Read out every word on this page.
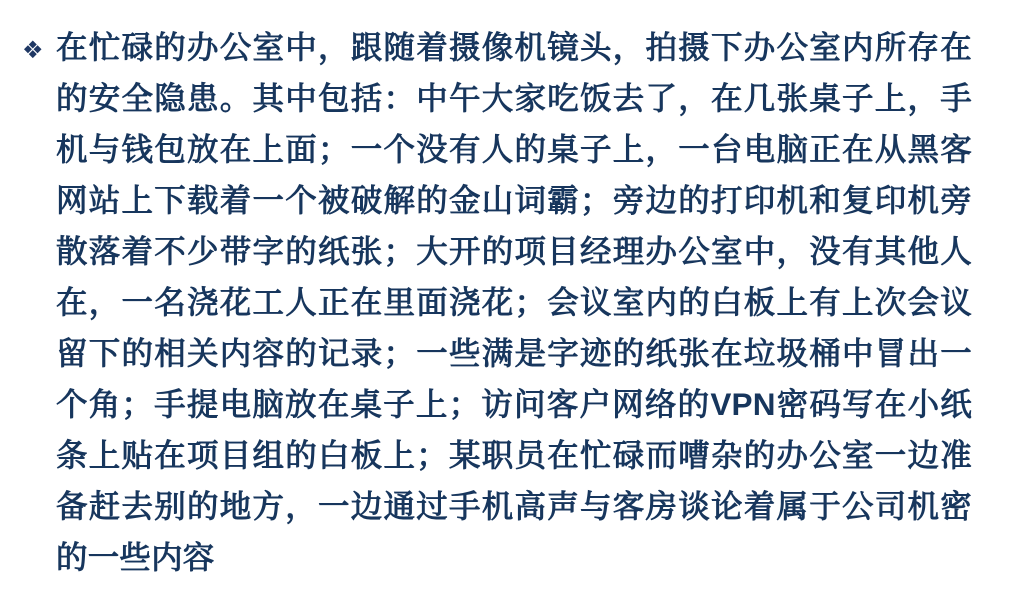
❖ 在忙碌的办公室中，跟随着摄像机镜头，拍摄下办公室内所存在的安全隐患。其中包括：中午大家吃饭去了，在几张桌子上，手机与钱包放在上面；一个没有人的桌子上，一台电脑正在从黑客网站上下载着一个被破解的金山词霸；旁边的打印机和复印机旁散落着不少带字的纸张；大开的项目经理办公室中，没有其他人在，一名浇花工人正在里面浇花；会议室内的白板上有上次会议留下的相关内容的记录；一些满是字迹的纸张在垃圾桶中冒出一个角；手提电脑放在桌子上；访问客户网络的VPN密码写在小纸条上贴在项目组的白板上；某职员在忙碌而嘈杂的办公室一边准备赶去别的地方，一边通过手机高声与客房谈论着属于公司机密的一些内容
